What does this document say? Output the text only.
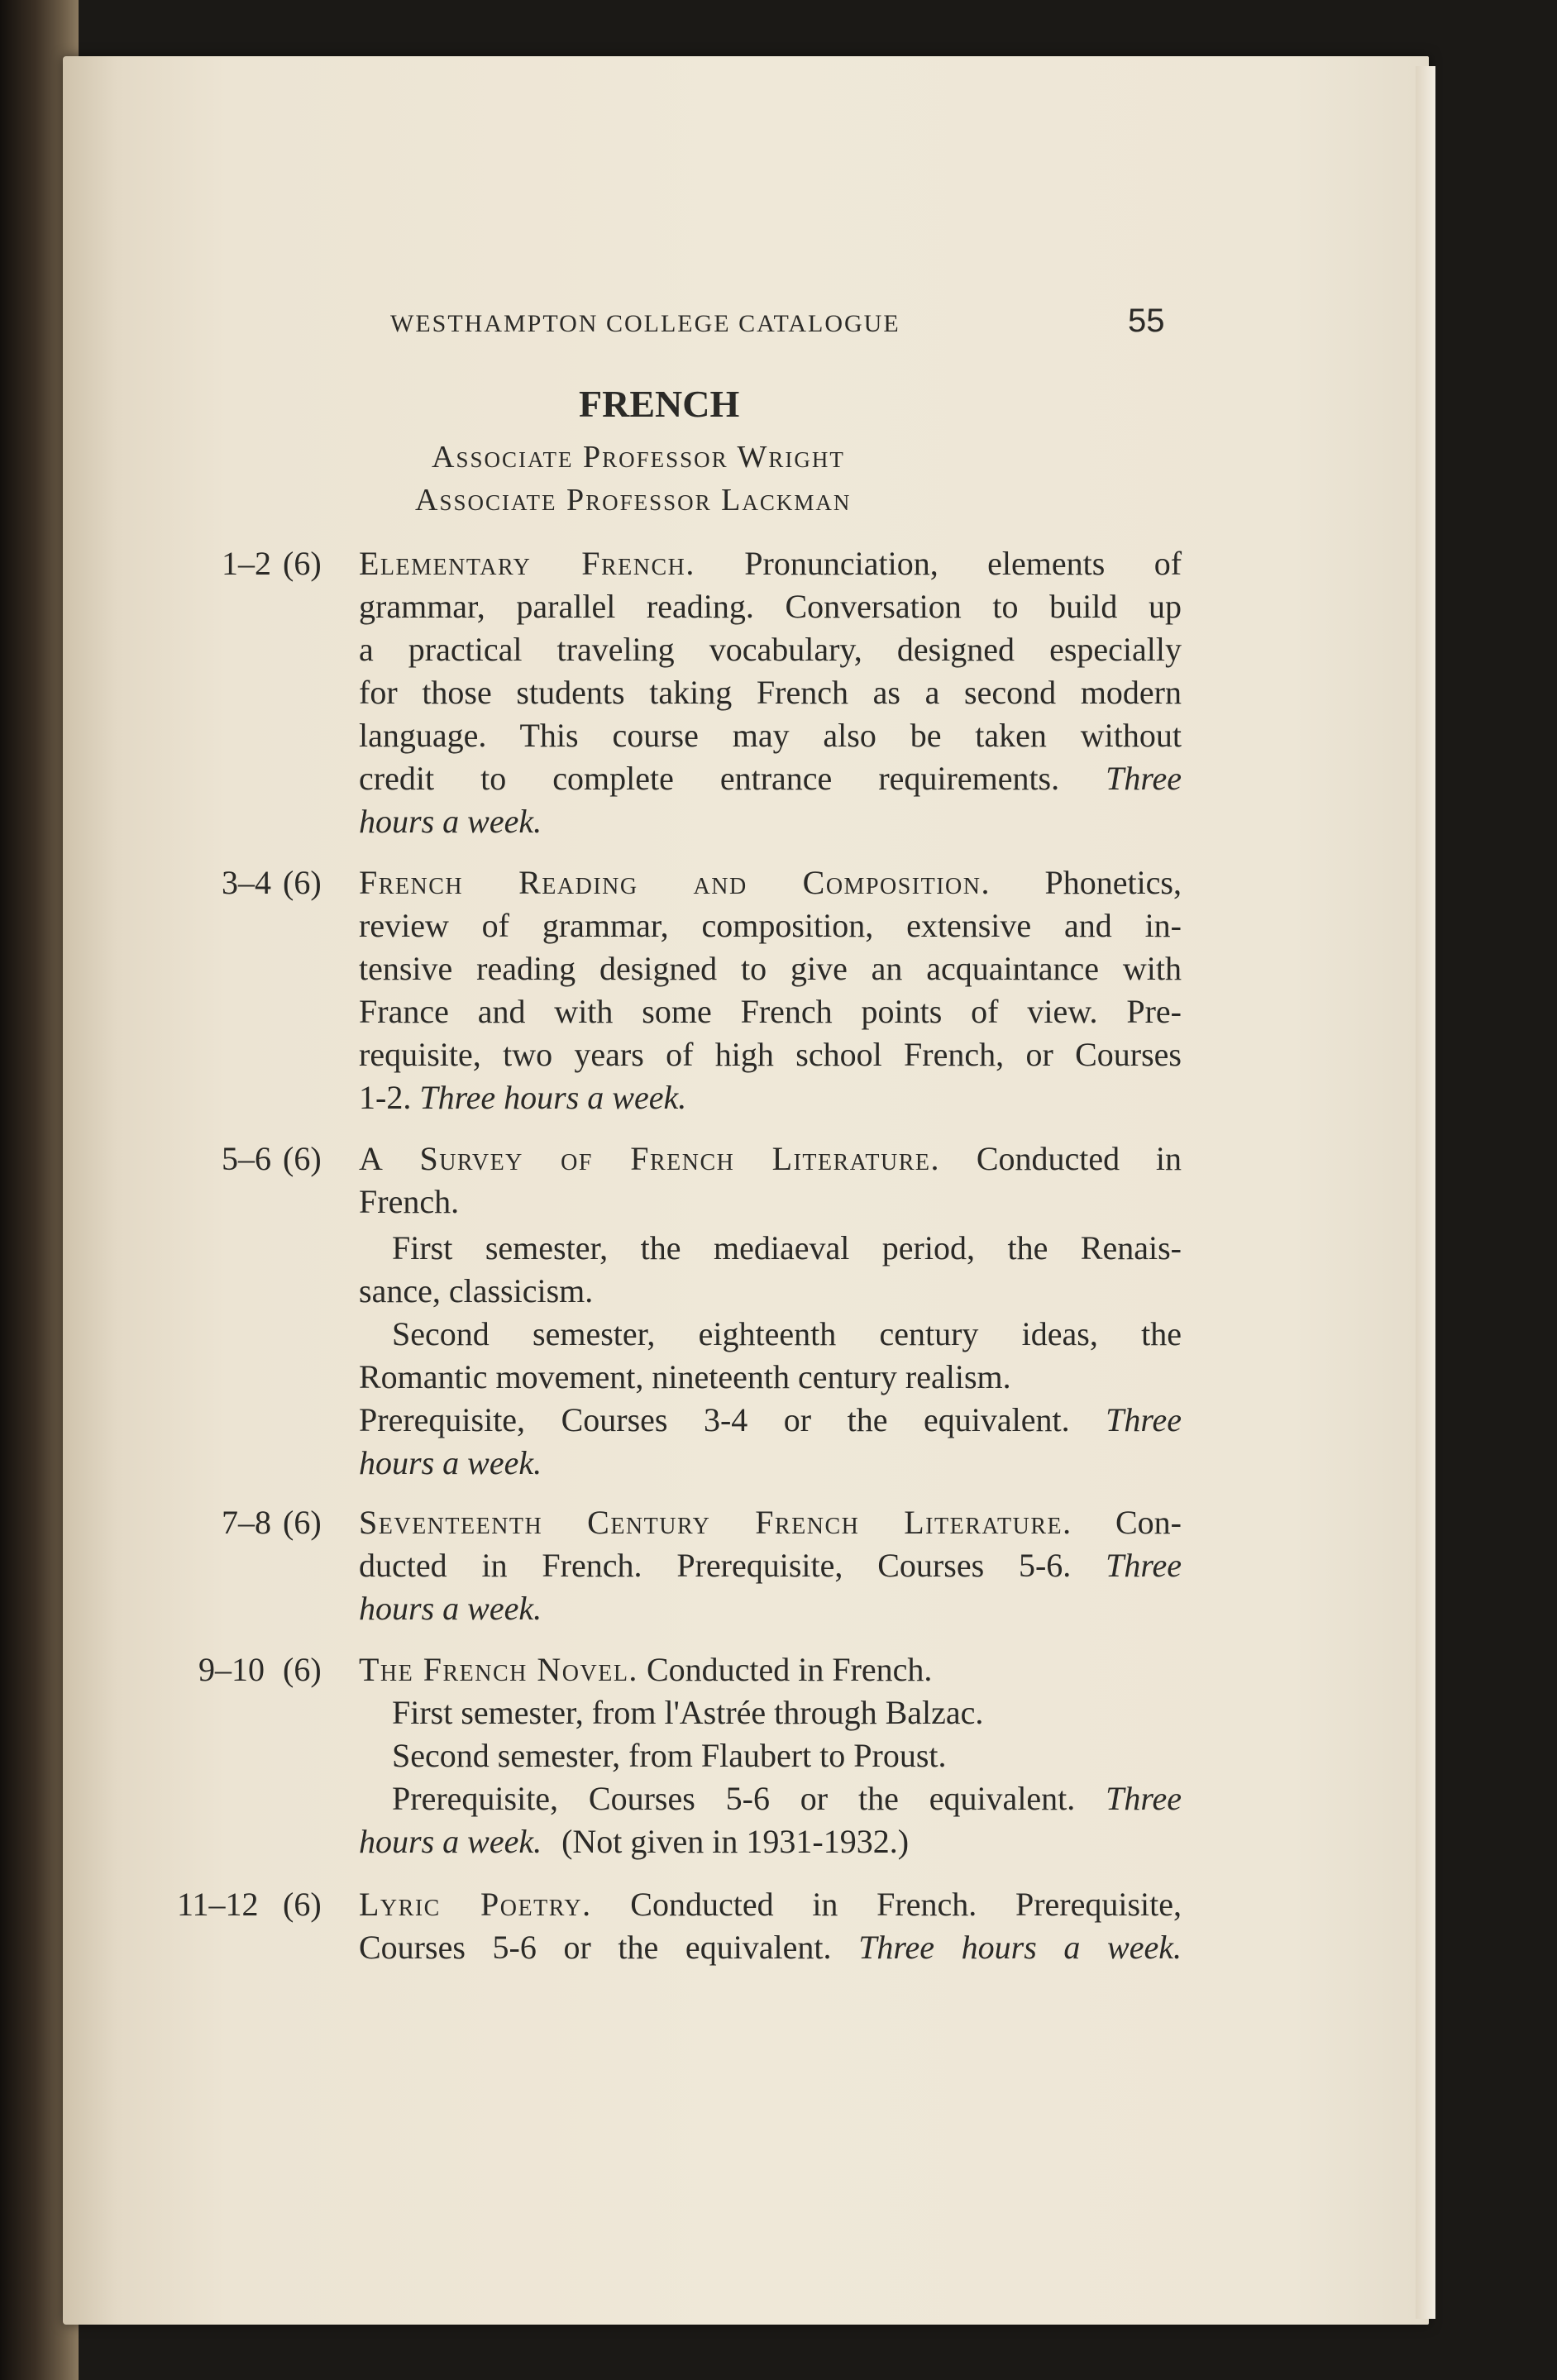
WESTHAMPTON COLLEGE CATALOGUE	55
FRENCH
Associate Professor Wright
Associate Professor Lackman
1–2 (6) Elementary French. Pronunciation, elements of
grammar, parallel reading. Conversation to build up
a practical traveling vocabulary, designed especially
for those students taking French as a second modern
language. This course may also be taken without
credit to complete entrance requirements. Three
hours a week.
3–4 (6) French Reading and Composition. Phonetics,
review of grammar, composition, extensive and in-
tensive reading designed to give an acquaintance with
France and with some French points of view. Pre-
requisite, two years of high school French, or Courses
1-2. Three hours a week.
5–6 (6) A Survey of French Literature. Conducted in
French.
First semester, the mediaeval period, the Renais-
sance, classicism.
Second semester, eighteenth century ideas, the
Romantic movement, nineteenth century realism.
Prerequisite, Courses 3-4 or the equivalent. Three
hours a week.
7–8 (6) Seventeenth Century French Literature. Con-
ducted in French. Prerequisite, Courses 5-6. Three
hours a week.
9–10 (6) The French Novel. Conducted in French.
First semester, from l'Astrée through Balzac.
Second semester, from Flaubert to Proust.
Prerequisite, Courses 5-6 or the equivalent. Three
hours a week. (Not given in 1931-1932.)
11–12 (6) Lyric Poetry. Conducted in French. Prerequisite,
Courses 5-6 or the equivalent. Three hours a week.
